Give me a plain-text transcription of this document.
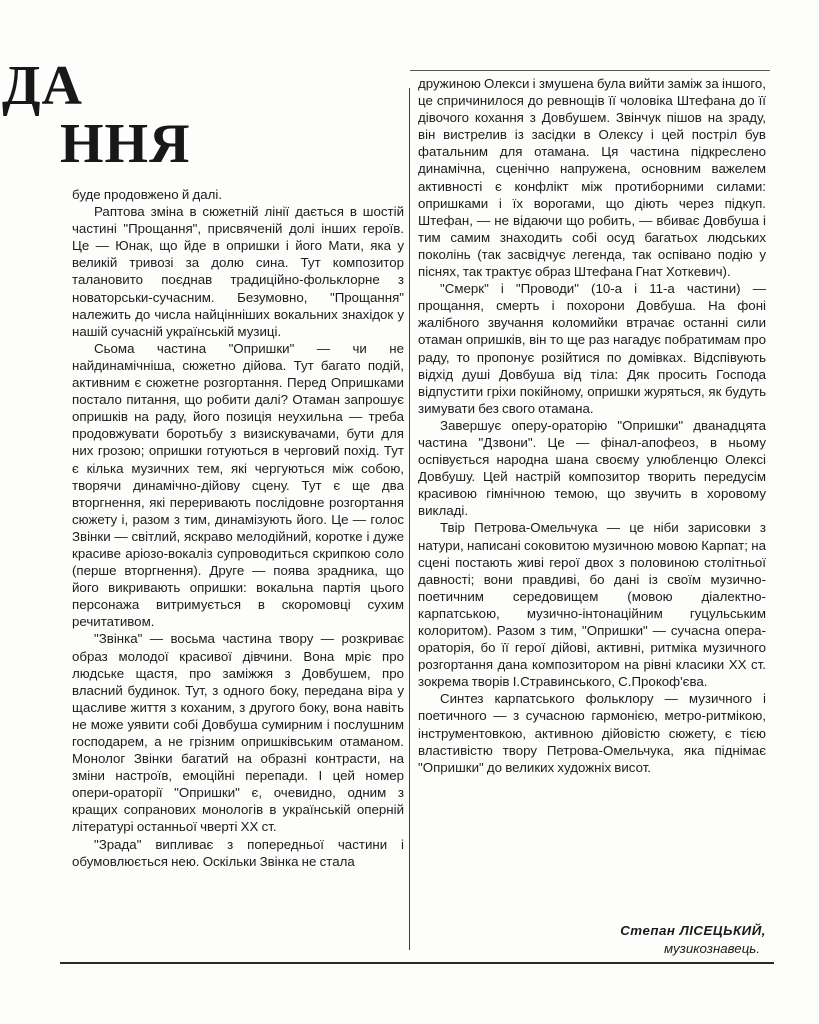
ДА
ННЯ

буде продовжено й далі.

Раптова зміна в сюжетній лінії дається в шостій частині "Прощання", присвяченій долі інших героїв. Це — Юнак, що йде в опришки і його Мати, яка у великій тривозі за долю сина. Тут композитор талановито поєднав традиційно-фольклорне з новаторськи-сучасним. Безумовно, "Прощання" належить до числа найцінніших вокальних знахідок у нашій сучасній українській музиці.

Сьома частина "Опришки" — чи не найдинамічніша, сюжетно дійова. Тут багато подій, активним є сюжетне розгортання. Перед Опришками постало питання, що робити далі? Отаман запрошує опришків на раду, його позиція неухильна — треба продовжувати боротьбу з визискувачами, бути для них грозою; опришки готуються в черговий похід. Тут є кілька музичних тем, які чергуються між собою, творячи динамічно-дійову сцену. Тут є ще два вторгнення, які переривають послідовне розгортання сюжету і, разом з тим, динамізують його. Це — голос Звінки — світлий, яскраво мелодійний, коротке і дуже красиве аріозо-вокаліз супроводиться скрипкою соло (перше вторгнення). Друге — поява зрадника, що його викривають опришки: вокальна партія цього персонажа витримується в скоромовці сухим речитативом.

"Звінка" — восьма частина твору — розкриває образ молодої красивої дівчини. Вона мріє про людське щастя, про заміжжя з Довбушем, про власний будинок. Тут, з одного боку, передана віра у щасливе життя з коханим, з другого боку, вона навіть не може уявити собі Довбуша сумирним і послушним господарем, а не грізним опришківським отаманом. Монолог Звінки багатий на образні контрасти, на зміни настроїв, емоційні перепади. І цей номер опери-ораторії "Опришки" є, очевидно, одним з кращих сопранових монологів в українській оперній літературі останньої чверті XX ст.

"Зрада" випливає з попередньої частини і обумовлюється нею. Оскільки Звінка не стала

дружиною Олекси і змушена була вийти заміж за іншого, це спричинилося до ревнощів її чоловіка Штефана до її дівочого кохання з Довбушем. Звінчук пішов на зраду, він вистрелив із засідки в Олексу і цей постріл був фатальним для отамана. Ця частина підкреслено динамічна, сценічно напружена, основним важелем активності є конфлікт між протиборними силами: опришками і їх ворогами, що діють через підкуп. Штефан, — не відаючи що робить, — вбиває Довбуша і тим самим знаходить собі осуд багатьох людських поколінь (так засвідчує легенда, так оспівано подію у піснях, так трактує образ Штефана Гнат Хоткевич).

"Смерк" і "Проводи" (10-а і 11-а частини) — прощання, смерть і похорони Довбуша. На фоні жалібного звучання коломийки втрачає останні сили отаман опришків, він то ще раз нагадує побратимам про раду, то пропонує розійтися по домівках. Відспівують відхід душі Довбуша від тіла: Дяк просить Господа відпустити гріхи покійному, опришки журяться, як будуть зимувати без свого отамана.

Завершує оперу-ораторію "Опришки" дванадцята частина "Дзвони". Це — фінал-апофеоз, в ньому оспівується народна шана своєму улюбленцю Олексі Довбушу. Цей настрій композитор творить передусім красивою гімнічною темою, що звучить в хоровому викладі.

Твір Петрова-Омельчука — це ніби зарисовки з натури, написані соковитою музичною мовою Карпат; на сцені постають живі герої двох з половиною столітньої давності; вони правдиві, бо дані із своїм музично-поетичним середовищем (мовою діалектно-карпатською, музично-інтонаційним гуцульським колоритом). Разом з тим, "Опришки" — сучасна опера-ораторія, бо її герої дійові, активні, ритміка музичного розгортання дана композитором на рівні класики XX ст. зокрема творів І.Стравинського, С.Прокоф'єва.

Синтез карпатського фольклору — музичного і поетичного — з сучасною гармонією, метро-ритмікою, інструментовкою, активною дійовістю сюжету, є тією властивістю твору Петрова-Омельчука, яка піднімає "Опришки" до великих художніх висот.

Степан ЛІСЕЦЬКИЙ,
музикознавець.
